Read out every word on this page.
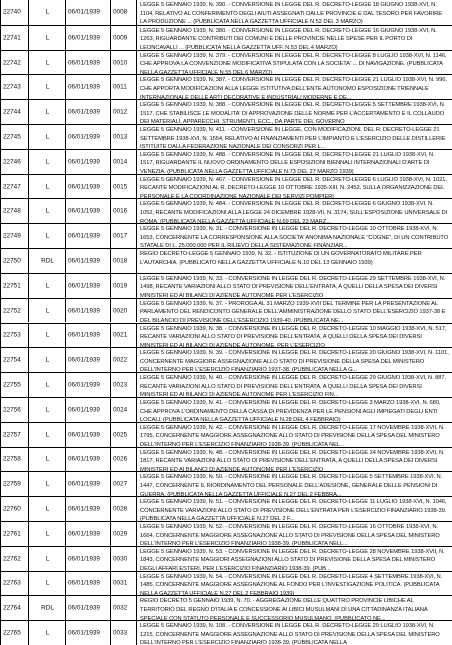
22740	L	06/01/1939 0008
LEGGE 5 GENNAIO 1939, N. 390. - CONVERSIONE IN LEGGE DEL R. DECRETO-LEGGE 18 GIUGNO 1938-XVI, N. 1104, RELATIVO AL CONFERIMENTO DEGLI AIUTI ASSEGNATI DALLE PROVINCIE E DAL TESORO PER FAVORIRE LA PRODUZIONE ... (PUBBLICATA NELLA GAZZETTA UFFICIALE N.52 DEL 3 MARZO)
22741	L	06/01/1939 0009
LEGGE 5 GENNAIO 1939, N. 380. - CONVERSIONE IN LEGGE DEL R. DECRETO-LEGGE 16 GIUGNO 1938-XVI, N. 1263, RIGUARDANTE CONTRIBUTI DEI COMUNI E DELLE PROVINCIE NELLE SPESE PER IL PORTO DI LEONCAVALLI ... (PUBBLICATA NELLA GAZZETTA UFF. N.53 DEL 4 MARZO)
22742	L	06/01/1939 0010
LEGGE 5 GENNAIO 1939, N. 379. - CONVERSIONE IN LEGGE DEL R. DECRETO-LEGGE 8 LUGLIO 1938-XVI, N. 1146, CHE APPROVA LA CONVENZIONE MODIFICATIVA STIPULATA CON LA SOCIETA' ... DI NAVIGAZIONE. (PUBBLICATA NELLA GAZZETTA UFFICIALE N.55 DEL 6 MARZO)
22743	L	06/01/1939 0011
LEGGE 5 GENNAIO 1939, N. 387. - CONVERSIONE IN LEGGE DEL R. DECRETO-LEGGE 21 LUGLIO 1938-XVI, N. 996, CHE APPORTA MODIFICAZIONI ALLA LEGGE ISTITUTIVA DELL'ENTE AUTONOMO ESPOSIZIONE TRIENNALE INTERNAZIONALE DELLE ARTI DECORATIVE E INDUSTRIALI MODERNE E DE...
22744	L	06/01/1939 0012
LEGGE 5 GENNAIO 1939, N. 388. - CONVERSIONE IN LEGGE DEL R. DECRETO-LEGGE 5 SETTEMBRE 1938-XVI, N. 1517, CHE STABILISCE LE MODALITA' DI APPROVAZIONE DELLE NORME PER L'ACCERTAMENTO E IL COLLAUDO DEI MATERIALI, APPARECCHI, STRUMENTI, ECC., DA PARTE DEL GOVERNO
22745	L	06/01/1939 0013
LEGGE 5 GENNAIO 1939, N. 411. - CONVERSIONE IN LEGGE, CON MODIFICAZIONI, DEL R. DECRETO-LEGGE 21 SETTEMBRE 1938-XVI, N. 1554, RELATIVO AI FINANZIAMENTI PER L'IMPIANTO E L'ESERCIZIO DELLE DISTILLERIE ISTITUITE DALLA FEDERAZIONE NAZIONALE DEI CONSORZI PER L...
22746	L	06/01/1939 0014
LEGGE 5 GENNAIO 1939, N. 488. - CONVERSIONE IN LEGGE DEL R. DECRETO-LEGGE 21 LUGLIO 1938-XVI, N. 1517, RIGUARDANTE IL NUOVO ORDINAMENTO DELLE ESPOSIZIONI BIENNALI INTERNAZIONALI D'ARTE DI VENEZIA. (PUBBLICATA NELLA GAZZETTA UFFICIALE N.73 DEL 27 MARZO 1939)
22747	L	06/01/1939 0015
LEGGE 5 GENNAIO 1939, N. 467. - CONVERSIONE IN LEGGE DEL R. DECRETO-LEGGE 6 LUGLIO 1938-XVI, N. 1021, RECANTE MODIFICAZIONI AL R. DECRETO-LEGGE 10 OTTOBRE 1935-XIII, N. 2452, SULLA ORGANIZZAZIONE DEL PERSONALE E LA COORDINAZIONE NAZIONALE DEI SERVIZI POMPIERI
22748	L	06/01/1939 0016
LEGGE 5 GENNAIO 1939, N. 484. - CONVERSIONE IN LEGGE DEL R. DECRETO-LEGGE 6 GIUGNO 1938-XVI, N. 1052, RECANTE MODIFICAZIONI ALLA LEGGE 24 DICEMBRE 1928-VII, N. 3174, SULL'ESPOSIZIONE UNIVERSALE DI ROMA. (PUBBLICATA NELLA GAZZETTA UFFICIALE N.69 DEL 23 MARZ...
22749	L	06/01/1939 0017
LEGGE 5 GENNAIO 1939, N. 31. - CONVERSIONE IN LEGGE DEL R. DECRETO-LEGGE 10 OTTOBRE 1938-XVI, N. 1653, CONCERNENTE LA CORRESPONSIONE ALLA SOCIETA' ANONIMA NAZIONALE "COGNE", DI UN CONTRIBUTO STATALE DI L. 25.000.000 PER IL RILIEVO DELLA SISTEMAZIONE FINANZIAR...
22750	RDL	06/01/1939 0018
REGIO DECRETO-LEGGE 5 GENNAIO 1939, N. 32. - ISTITUZIONE DI UN GOVERNATORATO MILITARE PER L'AUTARCHIA. (PUBBLICATO NELLA GAZZETTA UFFICIALE N.10 DEL 13 GENNAIO 1939)
22751	L	06/01/1939 0019
LEGGE 5 GENNAIO 1939, N. 33. - CONVERSIONE IN LEGGE DEL R. DECRETO-LEGGE 29 SETTEMBRE 1938-XVI, N. 1498, RECANTE VARIAZIONI ALLO STATO DI PREVISIONE DELL'ENTRATA, A QUELLI DELLA SPESA DEI DIVERSI MINISTERI ED AI BILANCI DI AZIENDE AUTONOME PER L'ESERCIZIO
22752	L	06/01/1939 0020
LEGGE 5 GENNAIO 1939, N. 37. - PROROGA AL 31 MARZO 1939-XVII DEL TERMINE PER LA PRESENTAZIONE AL PARLAMENTO DEL RENDICONTO GENERALE DELL'AMMINISTRAZIONE DELLO STATO DELL'ESERCIZIO 1937-38 E DEL BILANCIO DI PREVISIONE DELL'ESERCIZIO 1939-40. (PUBBLICATA NE...
22753	L	06/01/1939 0021
LEGGE 5 GENNAIO 1939, N. 38. - CONVERSIONE IN LEGGE DEL R. DECRETO-LEGGE 10 MAGGIO 1938-XVI, N. 517, RECANTE VARIAZIONI ALLO STATO DI PREVISIONE DELL'ENTRATA, A QUELLI DELLA SPESA DEI DIVERSI MINISTERI ED AI BILANCI DI AZIENDE AUTONOME, PER L'ESERCIZIO
22754	L	06/01/1939 0022
LEGGE 5 GENNAIO 1939, N. 39. - CONVERSIONE IN LEGGE DEL R. DECRETO-LEGGE 20 GIUGNO 1938-XVI, N. 1101, CONCERNENTE MAGGIORE ASSEGNAZIONE ALLO STATO DI PREVISIONE DELLA SPESA DEL MINISTERO DELL'INTERNO PER L'ESERCIZIO FINANZIARIO 1937-38. (PUBBLICATA NELLA G...
22755	L	06/01/1939 0023
LEGGE 5 GENNAIO 1939, N. 40. - CONVERSIONE IN LEGGE DEL R. DECRETO-LEGGE 29 GIUGNO 1938-XVI, N. 887, RECANTE VARIAZIONI ALLO STATO DI PREVISIONE DELL'ENTRATA, A QUELLI DELLA SPESA DEI DIVERSI MINISTERI ED AI BILANCI DI AZIENDE AUTONOME PER L'ESERCIZIO FIN...
22756	L	06/01/1939 0024
LEGGE 5 GENNAIO 1939, N. 41. - CONVERSIONE IN LEGGE DEL R. DECRETO-LEGGE 3 MARZO 1938-XVI, N. 680, CHE APPROVA L'ORDINAMENTO DELLA CASSA DI PREVIDENZA PER LE PENSIONI AGLI IMPIEGATI DEGLI ENTI LOCALI. (PUBBLICATA NELLA GAZZETTA UFFICIALE N.28 DEL 4 FEBBRAIO)
22757	L	06/01/1939 0025
LEGGE 5 GENNAIO 1939, N. 42. - CONVERSIONE IN LEGGE DEL R. DECRETO-LEGGE 17 NOVEMBRE 1938-XVII, N. 1795, CONCERNENTE MAGGIORE ASSEGNAZIONE ALLO STATO DI PREVISIONE DELLA SPESA DEL MINISTERO DELL'INTERNO PER L'ESERCIZIO FINANZIARIO 1938-39. (PUBBLICATA NEL...
22758	L	06/01/1939 0026
LEGGE 5 GENNAIO 1939, N. 48. - CONVERSIONE IN LEGGE DEL R. DECRETO-LEGGE 24 NOVEMBRE 1938-XVII, N. 1817, RECANTE VARIAZIONI ALLO STATO DI PREVISIONE DELL'ENTRATA, A QUELLI DELLA SPESA DEI DIVERSI MINISTERI ED AI BILANCI DI AZIENDE AUTONOME PER L'ESERCIZIO
22759	L	06/01/1939 0027
LEGGE 5 GENNAIO 1939, N. 50. - CONVERSIONE IN LEGGE DEL R. DECRETO-LEGGE 5 SETTEMBRE 1938-XVI, N. 1447, CONCERNENTE IL RIORDINAMENTO DEL PERSONALE DELL'ADESIONE, GENERALE DELLE PENSIONI DI GUERRA. (PUBBLICATA NELLA GAZZETTA UFFICIALE N.27 DEL 2 FEBBRA...
22760	L	06/01/1939 0028
LEGGE 5 GENNAIO 1939, N. 51. - CONVERSIONE IN LEGGE DEL R. DECRETO-LEGGE 11 LUGLIO 1938-XVI, N. 1046, CONCERNENTE VARIAZIONI ALLO STATO DI PREVISIONE DELL'ENTRATA PER L'ESERCIZIO FINANZIARIO 1938-39. (PUBBLICATA NELLA GAZZETTA UFFICIALE N.27 DEL 2 F...
22761	L	06/01/1939 0029
LEGGE 5 GENNAIO 1939, N. 52. - CONVERSIONE IN LEGGE DEL R. DECRETO-LEGGE 16 OTTOBRE 1938-XVI, N. 1664, CONCERNENTE MAGGIORE ASSEGNAZIONE ALLO STATO DI PREVISIONE DELLA SPESA DEL MINISTERO DELL'INTERNO PER L'ESERCIZIO FINANZIARIO 1938-39. (PUBBLICATA NELL...
22762	L	06/01/1939 0030
LEGGE 5 GENNAIO 1939, N. 53. - CONVERSIONE IN LEGGE DEL R. DECRETO-LEGGE 28 NOVEMBRE 1938-XVII, N. 1843, CONCERNENTE MAGGIORI ASSEGNAZIONI ALLO STATO DI PREVISIONE DELLA SPESA DEL MINISTERO DEGLI AFFARI ESTERI, PER L'ESERCIZIO FINANZIARIO 1938-39. (PUB...
22763	L	06/01/1939 0031
LEGGE 5 GENNAIO 1939, N. 54. - CONVERSIONE IN LEGGE DEL R. DECRETO-LEGGE 4 SETTEMBRE 1938-XVI, N. 1485, CONCERNENTE MAGGIORE ASSEGNAZIONE AL FONDO PER L'INVESTIGAZIONE POLITICA. (PUBBLICATA NELLA GAZZETTA UFFICIALE N.27 DEL 2 FEBBRAIO 1939)
22764	RDL	06/01/1939 0032
REGIO DECRETO 5 GENNAIO 1939, N. 70. - AGGREGAZIONE DELLE QUATTRO PROVINCIE LIBICHE AL TERRITORIO DEL REGNO D'ITALIA E CONCESSIONE AI LIBICI MUSULMANI DI UNA CITTADINANZA ITALIANA SPECIALE CON STATUTO PERSONALE E SUCCESSORIO MUSULMANO. (PUBBLICATO NE...
22765	L	06/01/1939 0033
LEGGE 5 GENNAIO 1939, N. 108. - CONVERSIONE IN LEGGE DEL R. DECRETO-LEGGE 29 LUGLIO 1938-XVI, N. 1215, CONCERNENTE MAGGIORE ASSEGNAZIONE ALLO STATO DI PREVISIONE DELLA SPESA DEL MINISTERO DELL'INTERNO PER L'ESERCIZIO FINANZIARIO 1938-39. (PUBBLICATA NELLA
